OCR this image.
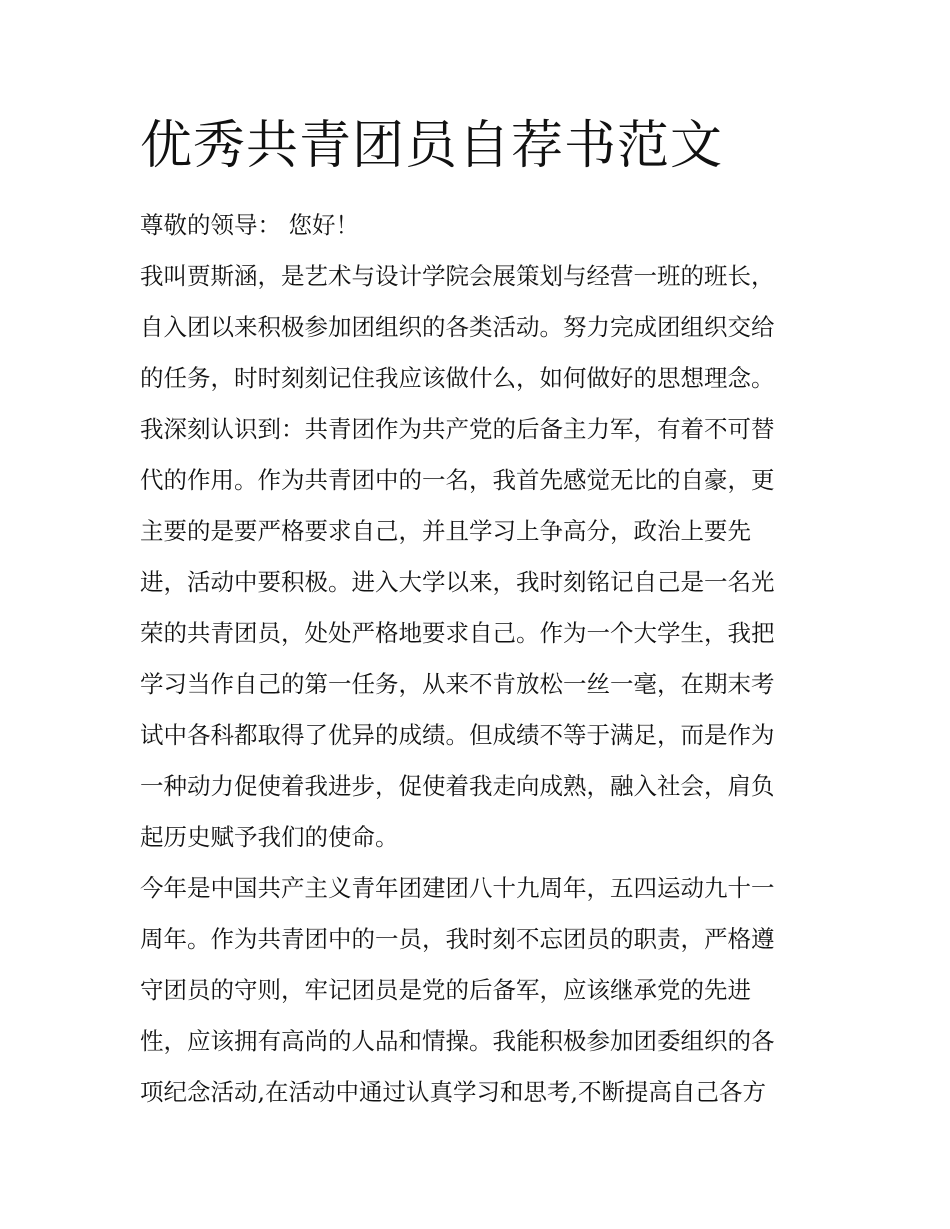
优秀共青团员自荐书范文
尊敬的领导： 您好！
我叫贾斯涵，是艺术与设计学院会展策划与经营一班的班长，
自入团以来积极参加团组织的各类活动。努力完成团组织交给
的任务，时时刻刻记住我应该做什么，如何做好的思想理念。
我深刻认识到：共青团作为共产党的后备主力军，有着不可替
代的作用。作为共青团中的一名，我首先感觉无比的自豪，更
主要的是要严格要求自己，并且学习上争高分，政治上要先
进，活动中要积极。进入大学以来，我时刻铭记自己是一名光
荣的共青团员，处处严格地要求自己。作为一个大学生，我把
学习当作自己的第一任务，从来不肯放松一丝一毫，在期末考
试中各科都取得了优异的成绩。但成绩不等于满足，而是作为
一种动力促使着我进步，促使着我走向成熟，融入社会，肩负
起历史赋予我们的使命。
今年是中国共产主义青年团建团八十九周年，五四运动九十一
周年。作为共青团中的一员，我时刻不忘团员的职责，严格遵
守团员的守则，牢记团员是党的后备军，应该继承党的先进
性，应该拥有高尚的人品和情操。我能积极参加团委组织的各
项纪念活动,在活动中通过认真学习和思考,不断提高自己各方
